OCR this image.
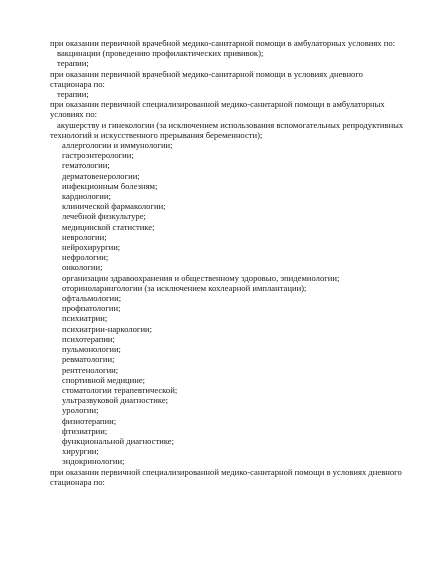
при оказании первичной врачебной медико-санитарной помощи в амбулаторных условиях по:

вакцинации (проведению профилактических прививок);

терапии;

при оказании первичной врачебной медико-санитарной помощи в условиях дневного

стационара по:

терапии;

при оказании первичной специализированной медико-санитарной помощи в амбулаторных

условиях по:

акушерству и гинекологии (за исключением использования вспомогательных репродуктивных

технологий и искусственного прерывания беременности);

аллергологии и иммунологии;

гастроэнтерологии;

гематологии;

дерматовенерологии;

инфекционным болезням;

кардиологии;

клинической фармакологии;

лечебной физкультуре;

медицинской статистике;

неврологии;

нейрохирургии;

нефрологии;

онкологии;

организации здравоохранения и общественному здоровью, эпидемиологии;

оториноларингологии (за исключением кохлеарной имплантации);

офтальмологии;

профпатологии;

психиатрии;

психиатрии-наркологии;

психотерапии;

пульмонологии;

ревматологии;

рентгенологии;

спортивной медицине;

стоматологии терапевтической;

ультразвуковой диагностике;

урологии;

физиотерапии;

фтизиатрии;

функциональной диагностике;

хирургии;

эндокринологии;

при оказании первичной специализированной медико-санитарной помощи в условиях дневного

стационара по:
